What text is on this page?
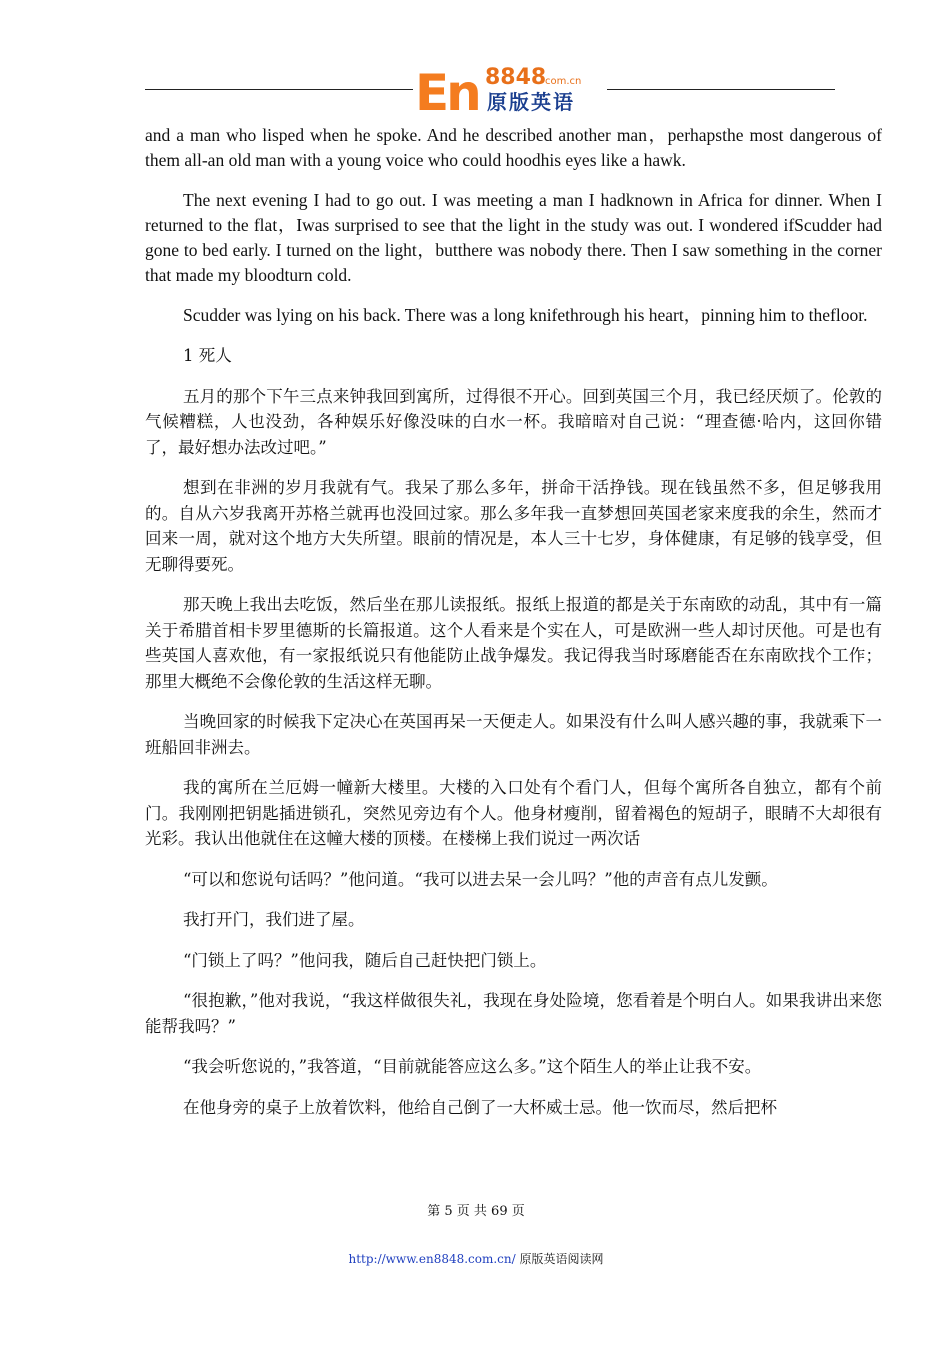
En 8848
com.cn
原版英语

and a man who lisped when he spoke. And he described another man，perhapsthe most dangerous of them all-an old man with a young voice who could hoodhis eyes like a hawk.

The next evening I had to go out. I was meeting a man I hadknown in Africa for dinner. When I returned to the flat，Iwas surprised to see that the light in the study was out. I wondered ifScudder had gone to bed early. I turned on the light，butthere was nobody there. Then I saw something in the corner that made my bloodturn cold.

Scudder was lying on his back. There was a long knifethrough his heart，pinning him to thefloor.

1 死人

五月的那个下午三点来钟我回到寓所，过得很不开心。回到英国三个月，我已经厌烦了。伦敦的气候糟糕，人也没劲，各种娱乐好像没味的白水一杯。我暗暗对自己说：“理查德·哈内，这回你错了，最好想办法改过吧。”

想到在非洲的岁月我就有气。我呆了那么多年，拼命干活挣钱。现在钱虽然不多，但足够我用的。自从六岁我离开苏格兰就再也没回过家。那么多年我一直梦想回英国老家来度我的余生，然而才回来一周，就对这个地方大失所望。眼前的情况是，本人三十七岁，身体健康，有足够的钱享受，但无聊得要死。

那天晚上我出去吃饭，然后坐在那儿读报纸。报纸上报道的都是关于东南欧的动乱，其中有一篇关于希腊首相卡罗里德斯的长篇报道。这个人看来是个实在人，可是欧洲一些人却讨厌他。可是也有些英国人喜欢他，有一家报纸说只有他能防止战争爆发。我记得我当时琢磨能否在东南欧找个工作；那里大概绝不会像伦敦的生活这样无聊。

当晚回家的时候我下定决心在英国再呆一天便走人。如果没有什么叫人感兴趣的事，我就乘下一班船回非洲去。

我的寓所在兰厄姆一幢新大楼里。大楼的入口处有个看门人，但每个寓所各自独立，都有个前门。我刚刚把钥匙插进锁孔，突然见旁边有个人。他身材瘦削，留着褐色的短胡子，眼睛不大却很有光彩。我认出他就住在这幢大楼的顶楼。在楼梯上我们说过一两次话

“可以和您说句话吗？”他问道。“我可以进去呆一会儿吗？”他的声音有点儿发颤。

我打开门，我们进了屋。

“门锁上了吗？”他问我，随后自己赶快把门锁上。

“很抱歉，”他对我说，“我这样做很失礼，我现在身处险境，您看着是个明白人。如果我讲出来您能帮我吗？”

“我会听您说的，”我答道，“目前就能答应这么多。”这个陌生人的举止让我不安。

在他身旁的桌子上放着饮料，他给自己倒了一大杯威士忌。他一饮而尽，然后把杯

第 5 页 共 69 页
http://www.en8848.com.cn/ 原版英语阅读网
